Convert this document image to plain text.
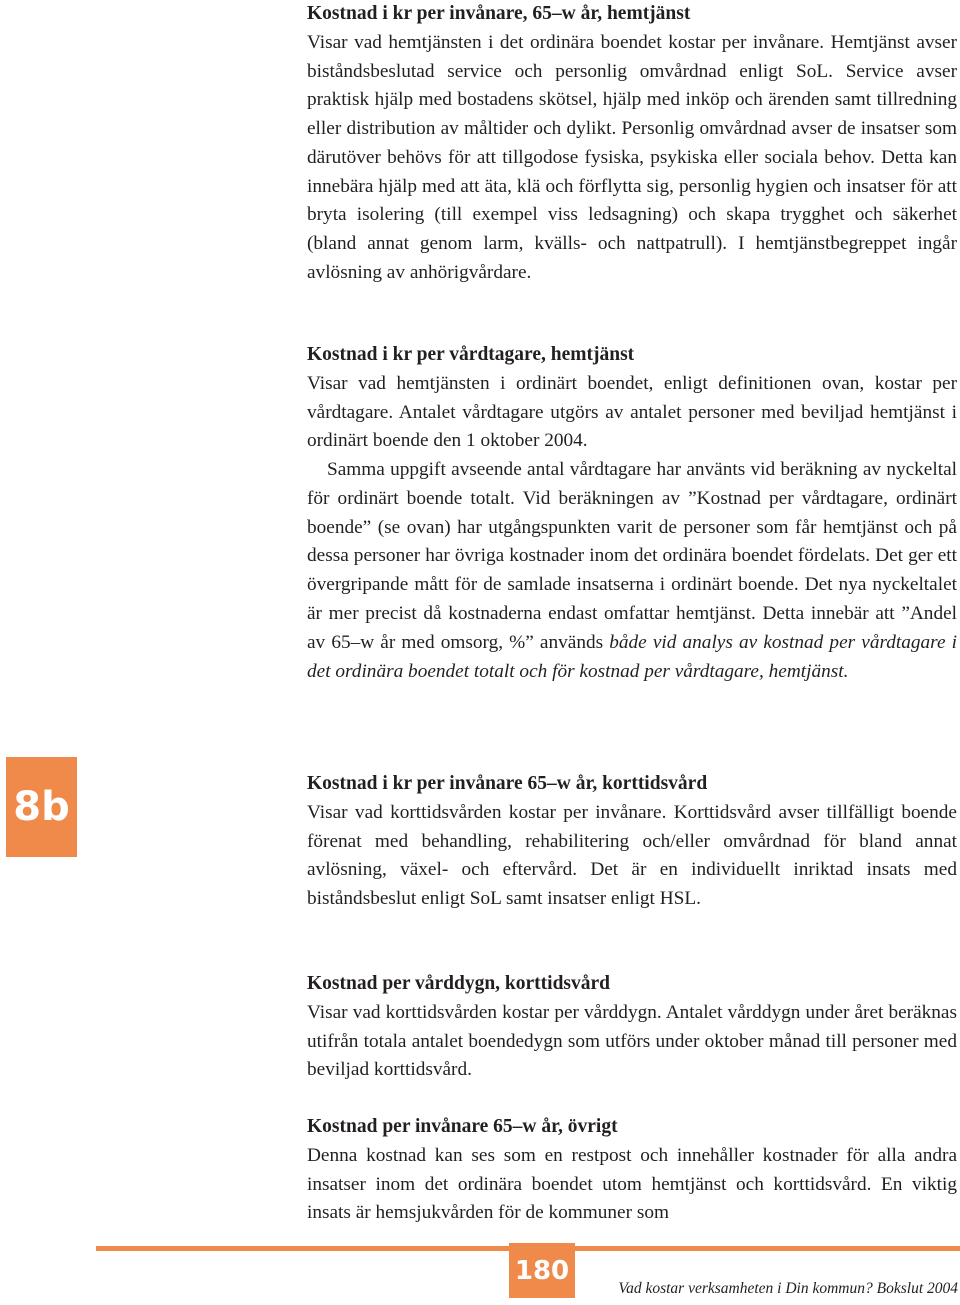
Kostnad i kr per invånare, 65–w år, hemtjänst

Visar vad hemtjänsten i det ordinära boendet kostar per invånare. Hemtjänst avser biståndsbeslutad service och personlig omvårdnad enligt SoL. Service avser praktisk hjälp med bostadens skötsel, hjälp med inköp och ärenden samt tillredning eller distribution av måltider och dylikt. Personlig omvårdnad avser de insatser som därutöver behövs för att tillgodose fysiska, psykiska eller sociala behov. Detta kan innebära hjälp med att äta, klä och förflytta sig, personlig hygien och insatser för att bryta isolering (till exempel viss ledsagning) och skapa trygghet och säkerhet (bland annat genom larm, kvälls- och nattpatrull). I hemtjänstbegreppet ingår avlösning av anhörigvårdare.

Kostnad i kr per vårdtagare, hemtjänst

Visar vad hemtjänsten i ordinärt boendet, enligt definitionen ovan, kostar per vårdtagare. Antalet vårdtagare utgörs av antalet personer med beviljad hemtjänst i ordinärt boende den 1 oktober 2004.

Samma uppgift avseende antal vårdtagare har använts vid beräkning av nyckeltal för ordinärt boende totalt. Vid beräkningen av ”Kostnad per vårdtagare, ordinärt boende” (se ovan) har utgångspunkten varit de personer som får hemtjänst och på dessa personer har övriga kostnader inom det ordinära boendet fördelats. Det ger ett övergripande mått för de samlade insatserna i ordinärt boende. Det nya nyckeltalet är mer precist då kostnaderna endast omfattar hemtjänst. Detta innebär att ”Andel av 65–w år med omsorg, %” används både vid analys av kostnad per vårdtagare i det ordinära boendet totalt och för kostnad per vårdtagare, hemtjänst.

Kostnad i kr per invånare 65–w år, korttidsvård

Visar vad korttidsvården kostar per invånare. Korttidsvård avser tillfälligt boende förenat med behandling, rehabilitering och/eller omvårdnad för bland annat avlösning, växel- och eftervård. Det är en individuellt inriktad insats med biståndsbeslut enligt SoL samt insatser enligt HSL.

Kostnad per vårddygn, korttidsvård

Visar vad korttidsvården kostar per vårddygn. Antalet vårddygn under året beräknas utifrån totala antalet boendedygn som utförs under oktober månad till personer med beviljad korttidsvård.

Kostnad per invånare 65–w år, övrigt

Denna kostnad kan ses som en restpost och innehåller kostnader för alla andra insatser inom det ordinära boendet utom hemtjänst och korttidsvård. En viktig insats är hemsjukvården för de kommuner som

8b
180
Vad kostar verksamheten i Din kommun? Bokslut 2004
